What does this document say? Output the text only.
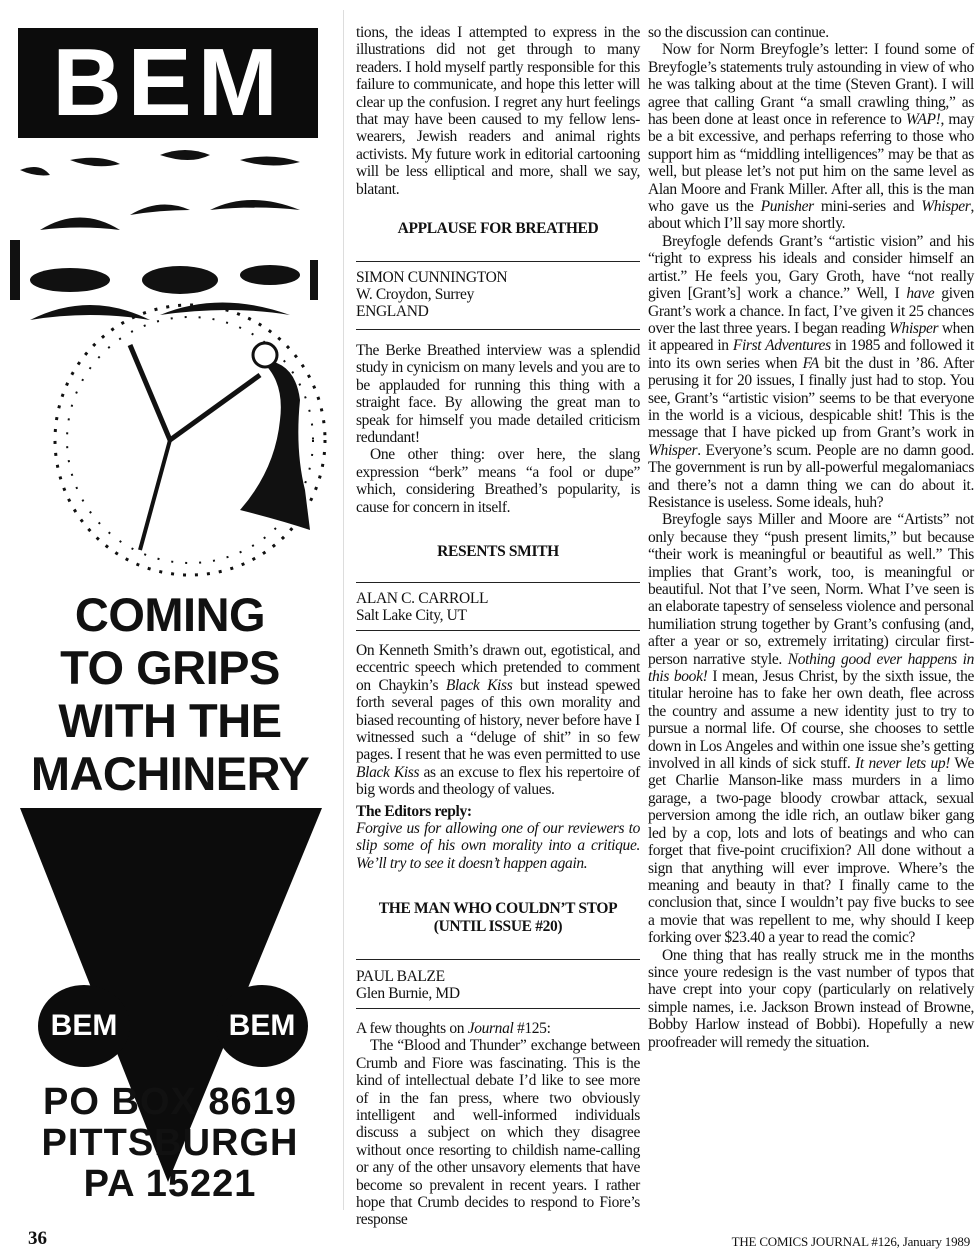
BEM
COMING
TO GRIPS
WITH THE
MACHINERY
BEM	BEM
PO BOX 8619
PITTSBURGH
PA 15221

tions, the ideas I attempted to express in the illustrations did not get through to many readers. I hold myself partly responsible for this failure to communicate, and hope this letter will clear up the confusion. I regret any hurt feelings that may have been caused to my fellow lens-wearers, Jewish readers and animal rights activists. My future work in editorial cartooning will be less elliptical and more, shall we say, blatant.

APPLAUSE FOR BREATHED
SIMON CUNNINGTON
W. Croydon, Surrey
ENGLAND

The Berke Breathed interview was a splendid study in cynicism on many levels and you are to be applauded for running this thing with a straight face. By allowing the great man to speak for himself you made detailed criticism redundant!

One other thing: over here, the slang expression “berk” means “a fool or dupe” which, considering Breathed’s popularity, is cause for concern in itself.

RESENTS SMITH
ALAN C. CARROLL
Salt Lake City, UT

On Kenneth Smith’s drawn out, egotistical, and eccentric speech which pretended to comment on Chaykin’s Black Kiss but instead spewed forth several pages of this own morality and biased recounting of history, never before have I witnessed such a “deluge of shit” in so few pages. I resent that he was even permitted to use Black Kiss as an excuse to flex his repertoire of big words and theology of values.

The Editors reply:

Forgive us for allowing one of our reviewers to slip some of his own morality into a critique. We’ll try to see it doesn’t happen again.

THE MAN WHO COULDN’T STOP
(UNTIL ISSUE #20)
PAUL BALZE
Glen Burnie, MD

A few thoughts on Journal #125:

The “Blood and Thunder” exchange between Crumb and Fiore was fascinating. This is the kind of intellectual debate I’d like to see more of in the fan press, where two obviously intelligent and well-informed individuals discuss a subject on which they disagree without once resorting to childish name-calling or any of the other unsavory elements that have become so prevalent in recent years. I rather hope that Crumb decides to respond to Fiore’s response

so the discussion can continue.

Now for Norm Breyfogle’s letter: I found some of Breyfogle’s statements truly astounding in view of who he was talking about at the time (Steven Grant). I will agree that calling Grant “a small crawling thing,” as has been done at least once in reference to WAP!, may be a bit excessive, and perhaps referring to those who support him as “middling intelligences” may be that as well, but please let’s not put him on the same level as Alan Moore and Frank Miller. After all, this is the man who gave us the Punisher mini-series and Whisper, about which I’ll say more shortly.

Breyfogle defends Grant’s “artistic vision” and his “right to express his ideals and consider himself an artist.” He feels you, Gary Groth, have “not really given [Grant’s] work a chance.” Well, I have given Grant’s work a chance. In fact, I’ve given it 25 chances over the last three years. I began reading Whisper when it appeared in First Adventures in 1985 and followed it into its own series when FA bit the dust in ’86. After perusing it for 20 issues, I finally just had to stop. You see, Grant’s “artistic vision” seems to be that everyone in the world is a vicious, despicable shit! This is the message that I have picked up from Grant’s work in Whisper. Everyone’s scum. People are no damn good. The government is run by all-powerful megalomaniacs and there’s not a damn thing we can do about it. Resistance is useless. Some ideals, huh?

Breyfogle says Miller and Moore are “Artists” not only because they “push present limits,” but because “their work is meaningful or beautiful as well.” This implies that Grant’s work, too, is meaningful or beautiful. Not that I’ve seen, Norm. What I’ve seen is an elaborate tapestry of senseless violence and personal humiliation strung together by Grant’s confusing (and, after a year or so, extremely irritating) circular first-person narrative style. Nothing good ever happens in this book! I mean, Jesus Christ, by the sixth issue, the titular heroine has to fake her own death, flee across the country and assume a new identity just to try to pursue a normal life. Of course, she chooses to settle down in Los Angeles and within one issue she’s getting involved in all kinds of sick stuff. It never lets up! We get Charlie Manson-like mass murders in a limo garage, a two-page bloody crowbar attack, sexual perversion among the idle rich, an outlaw biker gang led by a cop, lots and lots of beatings and who can forget that five-point crucifixion? All done without a sign that anything will ever improve. Where’s the meaning and beauty in that? I finally came to the conclusion that, since I wouldn’t pay five bucks to see a movie that was repellent to me, why should I keep forking over $23.40 a year to read the comic?

One thing that has really struck me in the months since youre redesign is the vast number of typos that have crept into your copy (particularly on relatively simple names, i.e. Jackson Brown instead of Browne, Bobby Harlow instead of Bobbi). Hopefully a new proofreader will remedy the situation.

36	THE COMICS JOURNAL #126, January 1989
